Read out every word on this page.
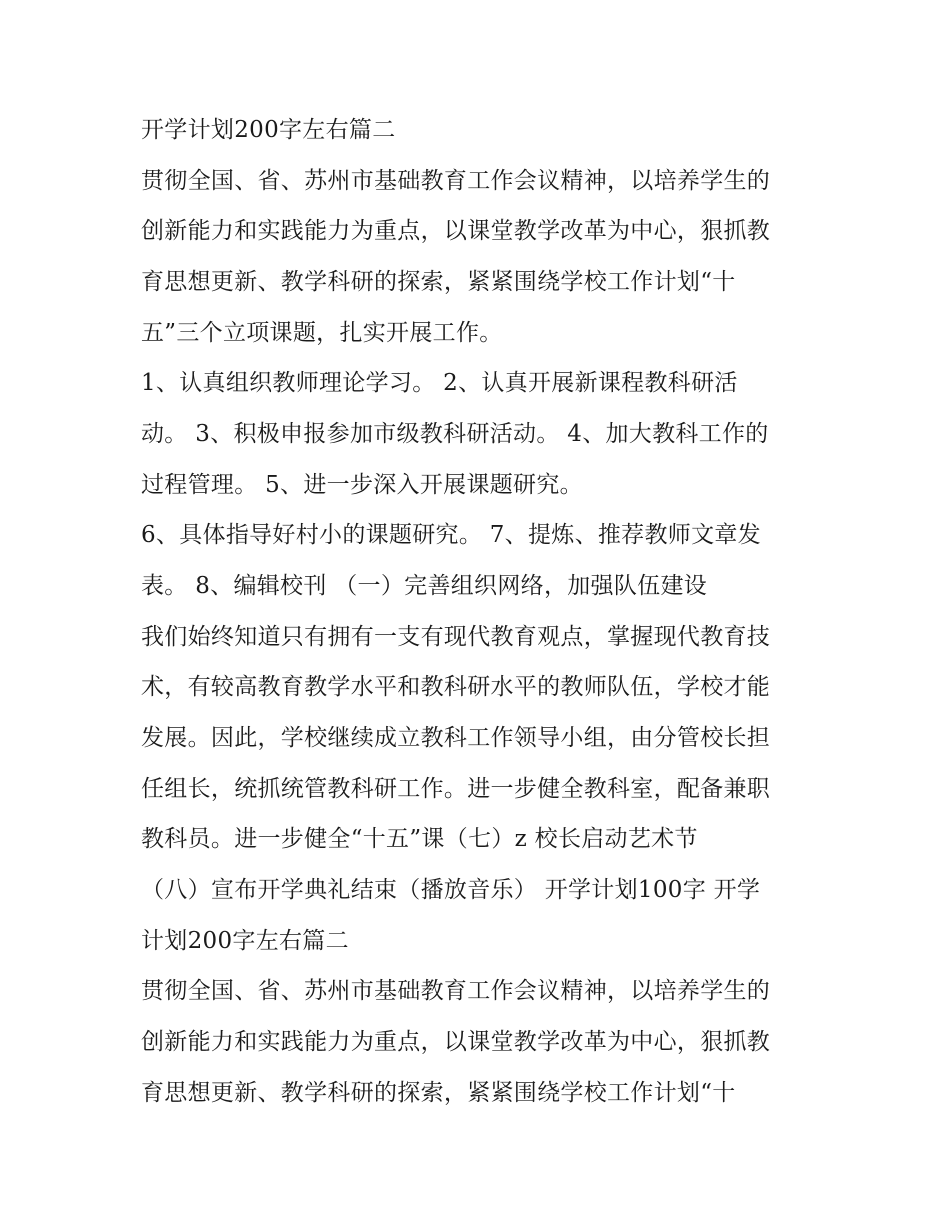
开学计划200字左右篇二
贯彻全国、省、苏州市基础教育工作会议精神，以培养学生的
创新能力和实践能力为重点，以课堂教学改革为中心，狠抓教
育思想更新、教学科研的探索，紧紧围绕学校工作计划“十
五”三个立项课题，扎实开展工作。
1、认真组织教师理论学习。 2、认真开展新课程教科研活
动。 3、积极申报参加市级教科研活动。 4、加大教科工作的
过程管理。 5、进一步深入开展课题研究。
6、具体指导好村小的课题研究。 7、提炼、推荐教师文章发
表。 8、编辑校刊 （一）完善组织网络，加强队伍建设
我们始终知道只有拥有一支有现代教育观点，掌握现代教育技
术，有较高教育教学水平和教科研水平的教师队伍，学校才能
发展。因此，学校继续成立教科工作领导小组，由分管校长担
任组长，统抓统管教科研工作。进一步健全教科室，配备兼职
教科员。进一步健全“十五”课（七）z 校长启动艺术节
（八）宣布开学典礼结束（播放音乐） 开学计划100字 开学
计划200字左右篇二
贯彻全国、省、苏州市基础教育工作会议精神，以培养学生的
创新能力和实践能力为重点，以课堂教学改革为中心，狠抓教
育思想更新、教学科研的探索，紧紧围绕学校工作计划“十
